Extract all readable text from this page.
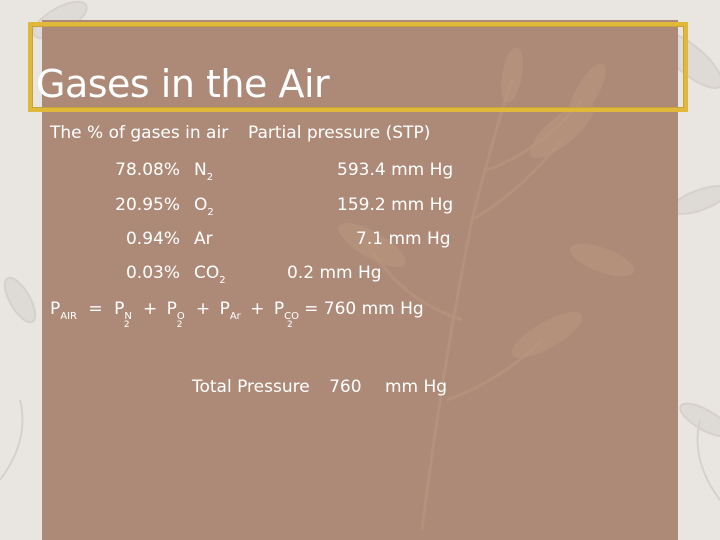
Gases in the Air
The % of gases in air Partial pressure (STP)
78.08% $N_2$	593.4 mm Hg
20.95% $O_2$	159.2 mm Hg
0.94% Ar	7.1 mm Hg
0.03% $CO_2$	0.2 mm Hg
$P_{AIR} = P_{N2} + P_{O2} + P_{Ar} + P_{CO2} = 760$ mm Hg
Total Pressure 760 mm Hg
